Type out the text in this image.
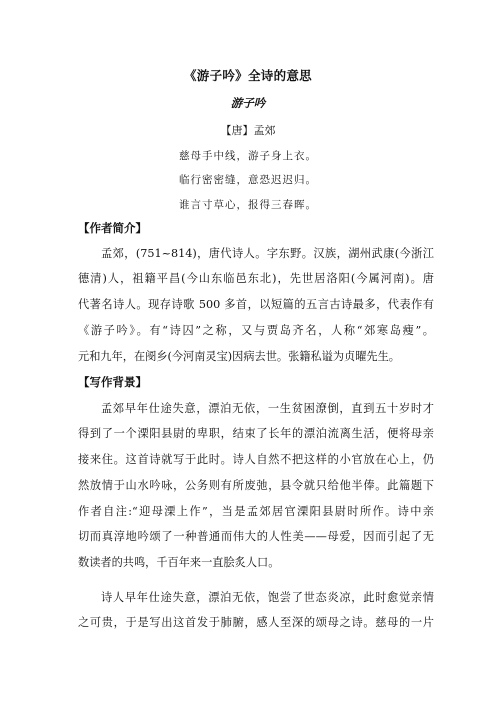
《游子吟》全诗的意思
游子吟
【唐】孟郊
慈母手中线，游子身上衣。
临行密密缝，意恐迟迟归。
谁言寸草心，报得三春晖。
【作者简介】
孟郊，(751~814)，唐代诗人。字东野。汉族，湖州武康(今浙江
德清)人，祖籍平昌(今山东临邑东北)，先世居洛阳(今属河南)。唐
代著名诗人。现存诗歌 500 多首，以短篇的五言古诗最多，代表作有
《游子吟》。有“诗囚”之称，又与贾岛齐名，人称“郊寒岛瘦”。
元和九年，在阌乡(今河南灵宝)因病去世。张籍私谥为贞曜先生。
【写作背景】
孟郊早年仕途失意，漂泊无依，一生贫困潦倒，直到五十岁时才
得到了一个溧阳县尉的卑职，结束了长年的漂泊流离生活，便将母亲
接来住。这首诗就写于此时。诗人自然不把这样的小官放在心上，仍
然放情于山水吟咏，公务则有所废弛，县令就只给他半俸。此篇题下
作者自注:“迎母溧上作”，当是孟郊居官溧阳县尉时所作。诗中亲
切而真淳地吟颂了一种普通而伟大的人性美——母爱，因而引起了无
数读者的共鸣，千百年来一直脍炙人口。
诗人早年仕途失意，漂泊无依，饱尝了世态炎凉，此时愈觉亲情
之可贵，于是写出这首发于肺腑，感人至深的颂母之诗。慈母的一片
